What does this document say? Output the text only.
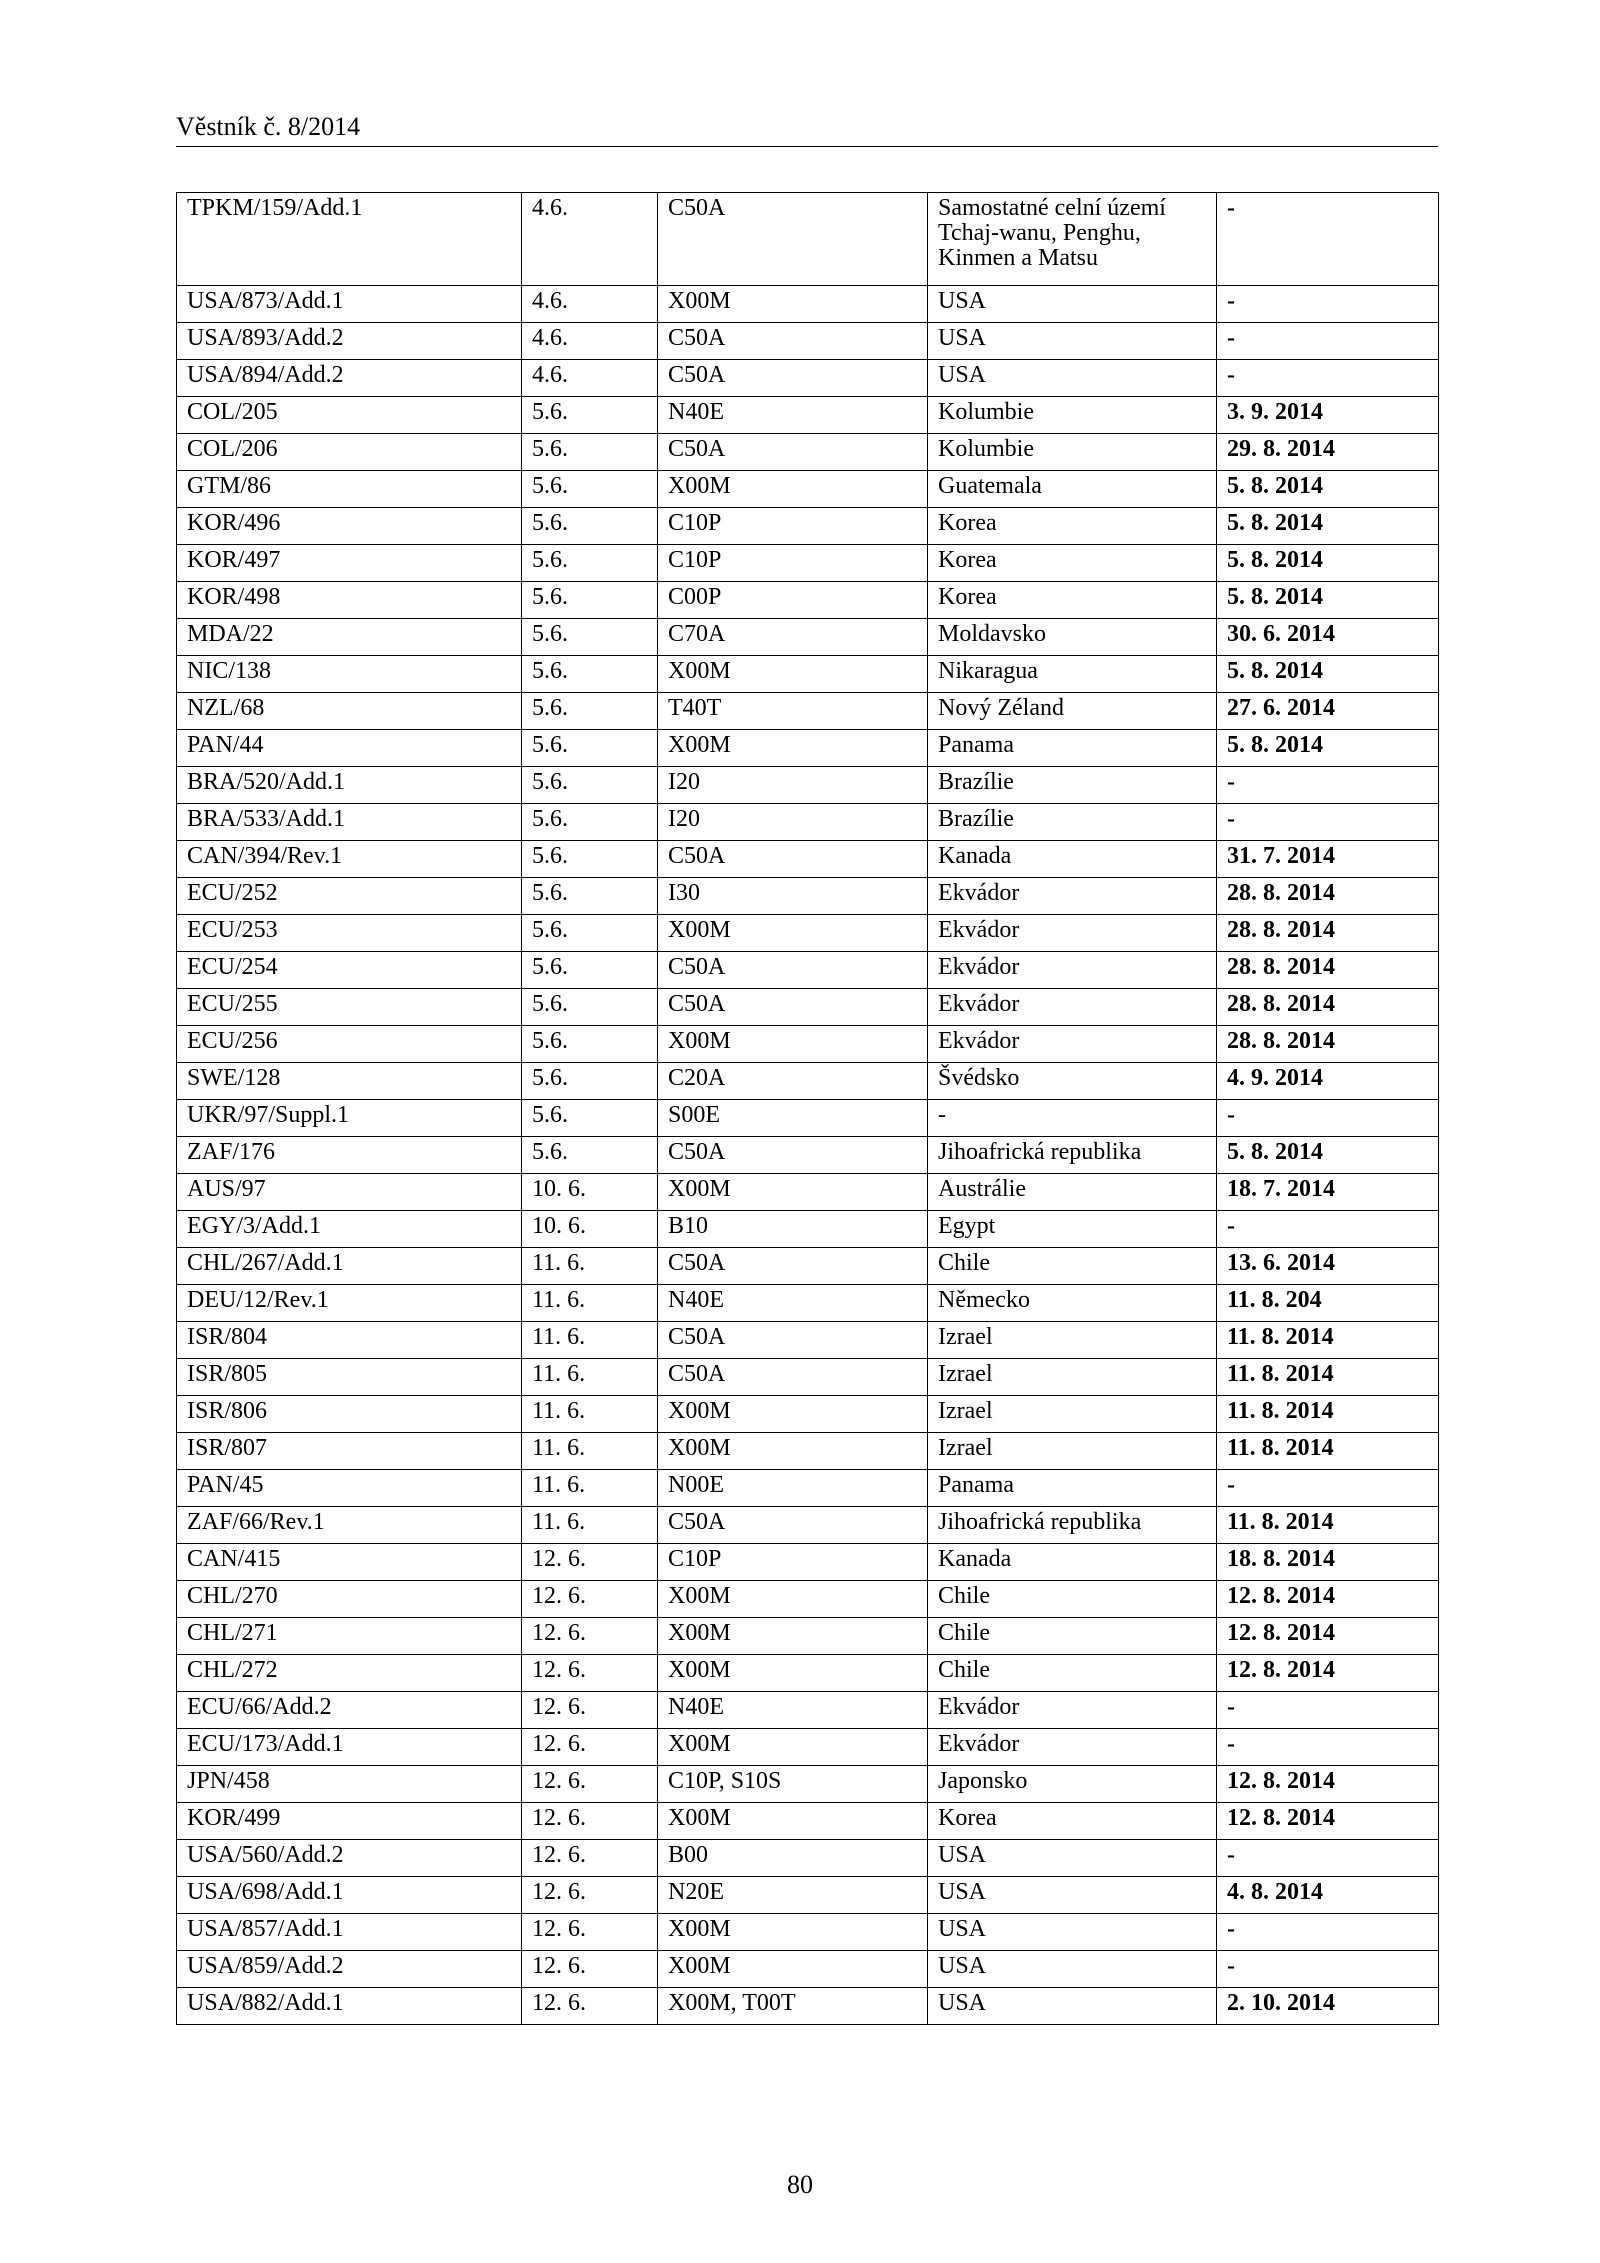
Věstník č. 8/2014
TPKM/159/Add.1	4.6.	C50A	Samostatné celní území Tchaj-wanu, Penghu, Kinmen a Matsu	-
USA/873/Add.1	4.6.	X00M	USA	-
USA/893/Add.2	4.6.	C50A	USA	-
USA/894/Add.2	4.6.	C50A	USA	-
COL/205	5.6.	N40E	Kolumbie	3. 9. 2014
COL/206	5.6.	C50A	Kolumbie	29. 8. 2014
GTM/86	5.6.	X00M	Guatemala	5. 8. 2014
KOR/496	5.6.	C10P	Korea	5. 8. 2014
KOR/497	5.6.	C10P	Korea	5. 8. 2014
KOR/498	5.6.	C00P	Korea	5. 8. 2014
MDA/22	5.6.	C70A	Moldavsko	30. 6. 2014
NIC/138	5.6.	X00M	Nikaragua	5. 8. 2014
NZL/68	5.6.	T40T	Nový Zéland	27. 6. 2014
PAN/44	5.6.	X00M	Panama	5. 8. 2014
BRA/520/Add.1	5.6.	I20	Brazílie	-
BRA/533/Add.1	5.6.	I20	Brazílie	-
CAN/394/Rev.1	5.6.	C50A	Kanada	31. 7. 2014
ECU/252	5.6.	I30	Ekvádor	28. 8. 2014
ECU/253	5.6.	X00M	Ekvádor	28. 8. 2014
ECU/254	5.6.	C50A	Ekvádor	28. 8. 2014
ECU/255	5.6.	C50A	Ekvádor	28. 8. 2014
ECU/256	5.6.	X00M	Ekvádor	28. 8. 2014
SWE/128	5.6.	C20A	Švédsko	4. 9. 2014
UKR/97/Suppl.1	5.6.	S00E	-	-
ZAF/176	5.6.	C50A	Jihoafrická republika	5. 8. 2014
AUS/97	10. 6.	X00M	Austrálie	18. 7. 2014
EGY/3/Add.1	10. 6.	B10	Egypt	-
CHL/267/Add.1	11. 6.	C50A	Chile	13. 6. 2014
DEU/12/Rev.1	11. 6.	N40E	Německo	11. 8. 204
ISR/804	11. 6.	C50A	Izrael	11. 8. 2014
ISR/805	11. 6.	C50A	Izrael	11. 8. 2014
ISR/806	11. 6.	X00M	Izrael	11. 8. 2014
ISR/807	11. 6.	X00M	Izrael	11. 8. 2014
PAN/45	11. 6.	N00E	Panama	-
ZAF/66/Rev.1	11. 6.	C50A	Jihoafrická republika	11. 8. 2014
CAN/415	12. 6.	C10P	Kanada	18. 8. 2014
CHL/270	12. 6.	X00M	Chile	12. 8. 2014
CHL/271	12. 6.	X00M	Chile	12. 8. 2014
CHL/272	12. 6.	X00M	Chile	12. 8. 2014
ECU/66/Add.2	12. 6.	N40E	Ekvádor	-
ECU/173/Add.1	12. 6.	X00M	Ekvádor	-
JPN/458	12. 6.	C10P, S10S	Japonsko	12. 8. 2014
KOR/499	12. 6.	X00M	Korea	12. 8. 2014
USA/560/Add.2	12. 6.	B00	USA	-
USA/698/Add.1	12. 6.	N20E	USA	4. 8. 2014
USA/857/Add.1	12. 6.	X00M	USA	-
USA/859/Add.2	12. 6.	X00M	USA	-
USA/882/Add.1	12. 6.	X00M, T00T	USA	2. 10. 2014
80
